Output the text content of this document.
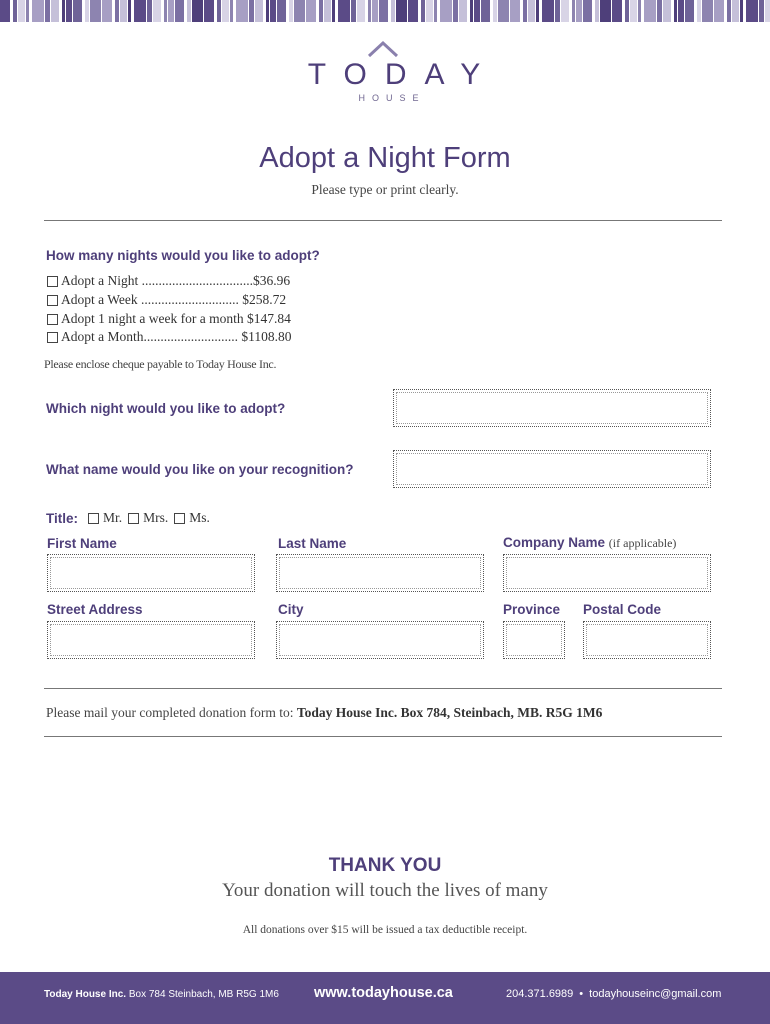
TODAY
HOUSE
Adopt a Night Form
Please type or print clearly.
How many nights would you like to adopt?
Adopt a Night .................................$36.96
Adopt a Week ............................. $258.72
Adopt 1 night a week for a month $147.84
Adopt a Month............................ $1108.80
Please enclose cheque payable to Today House Inc.
Which night would you like to adopt?
What name would you like on your recognition?
Title: Mr. Mrs. Ms.
First Name	Last Name	Company Name (if applicable)
Street Address	City	Province Postal Code
Please mail your completed donation form to: Today House Inc. Box 784, Steinbach, MB. R5G 1M6
THANK YOU
Your donation will touch the lives of many
All donations over $15 will be issued a tax deductible receipt.
Today House Inc. Box 784 Steinbach, MB R5G 1M6 www.todayhouse.ca	204.371.6989 • todayhouseinc@gmail.com
